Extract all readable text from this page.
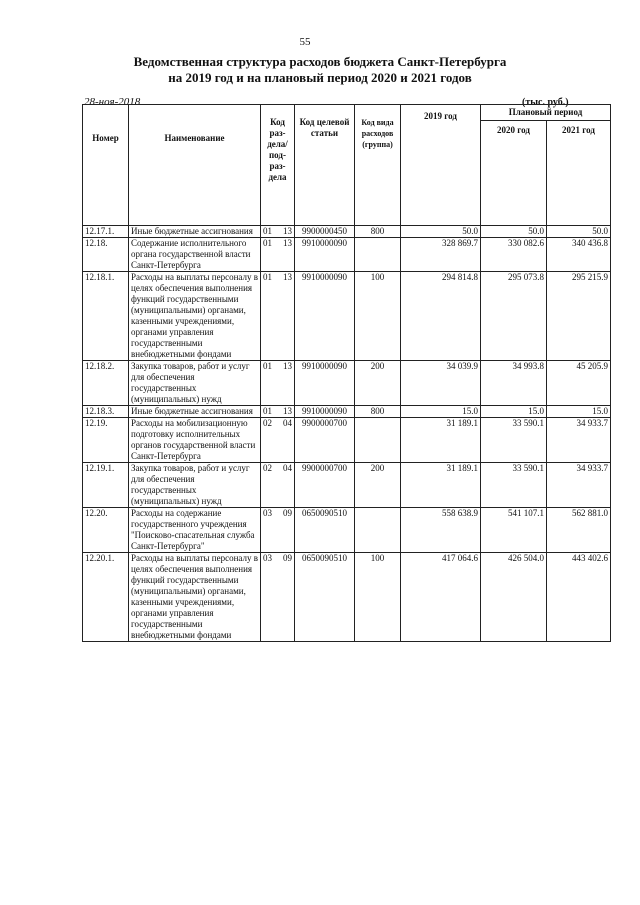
55
Ведомственная структура расходов бюджета Санкт-Петербурга
на 2019 год и на плановый период 2020 и 2021 годов
28-ноя-2018	(тыс. руб.)
Номер	Наименование	Код раз- дела/ под- раз- дела	Код целевой статьи	Код вида расходов (группа)	2019 год	Плановый период	
						2020 год	2021 год
12.17.1.	Иные бюджетные ассигнования	01 13	9900000450	800	50.0	50.0	50.0
12.18.	Содержание исполнительного органа государственной власти Санкт-Петербурга	01 13	9910000090		328 869.7	330 082.6	340 436.8
12.18.1.	Расходы на выплаты персоналу в целях обеспечения выполнения функций государственными (муниципальными) органами, казенными учреждениями, органами управления государственными внебюджетными фондами	01 13	9910000090	100	294 814.8	295 073.8	295 215.9
12.18.2.	Закупка товаров, работ и услуг для обеспечения государственных (муниципальных) нужд	01 13	9910000090	200	34 039.9	34 993.8	45 205.9
12.18.3.	Иные бюджетные ассигнования	01 13	9910000090	800	15.0	15.0	15.0
12.19.	Расходы на мобилизационную подготовку исполнительных органов государственной власти Санкт-Петербурга	02 04	9900000700		31 189.1	33 590.1	34 933.7
12.19.1.	Закупка товаров, работ и услуг для обеспечения государственных (муниципальных) нужд	02 04	9900000700	200	31 189.1	33 590.1	34 933.7
12.20.	Расходы на содержание государственного учреждения "Поисково-спасательная служба Санкт-Петербурга"	03 09	0650090510		558 638.9	541 107.1	562 881.0
12.20.1.	Расходы на выплаты персоналу в целях обеспечения выполнения функций государственными (муниципальными) органами, казенными учреждениями, органами управления государственными внебюджетными фондами	03 09	0650090510	100	417 064.6	426 504.0	443 402.6
